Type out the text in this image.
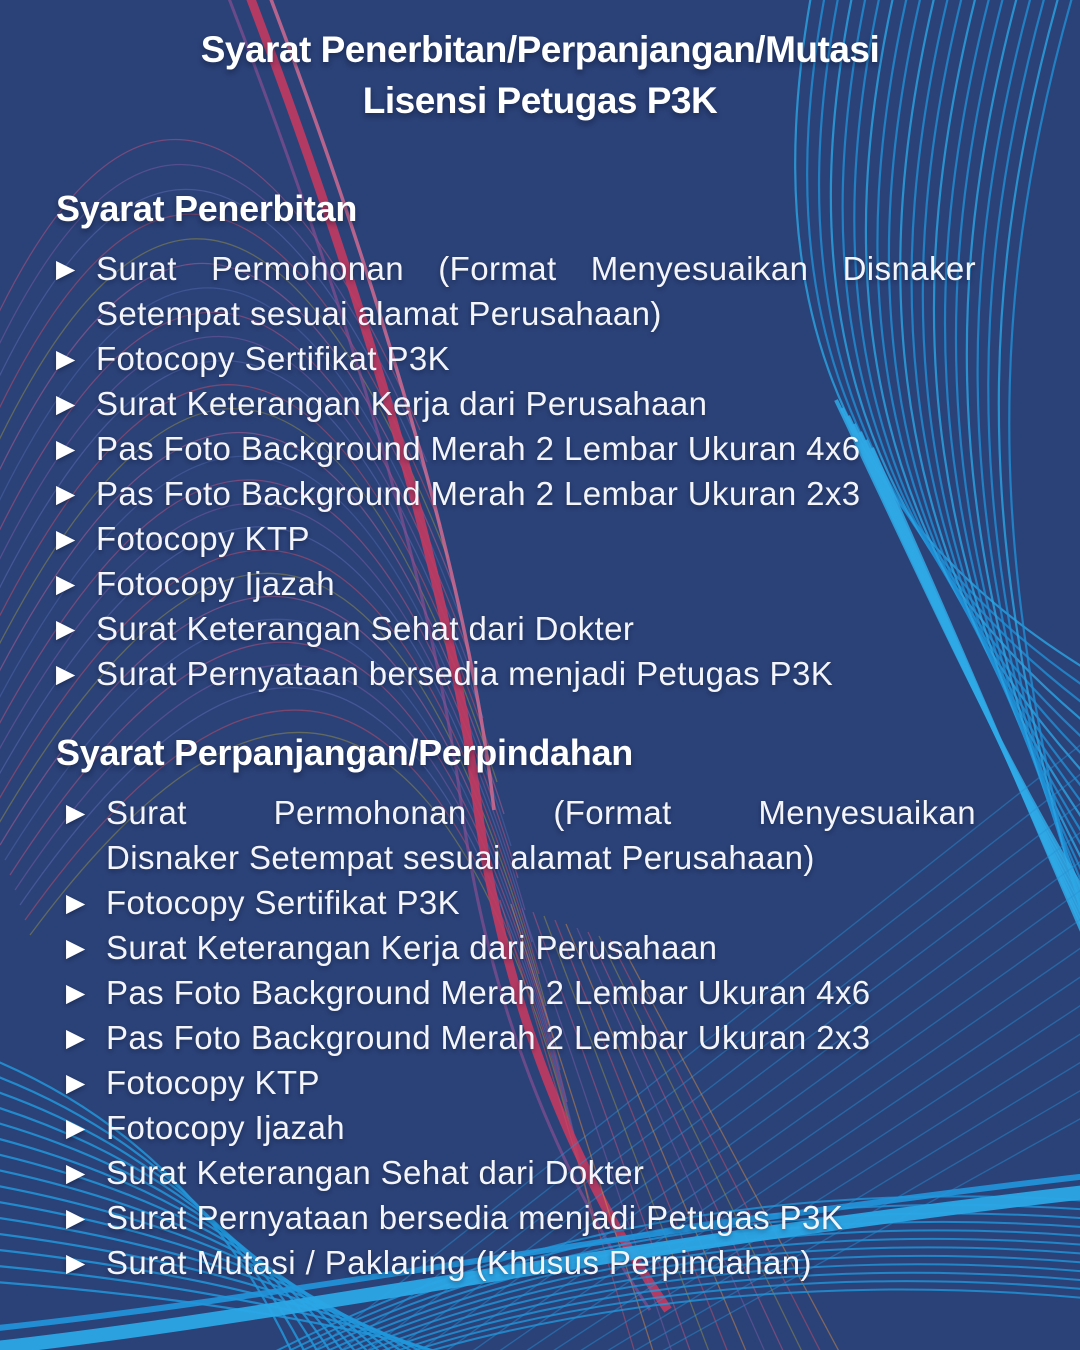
Syarat Penerbitan/Perpanjangan/Mutasi
Lisensi Petugas P3K
Syarat Penerbitan
▶ Surat Permohonan (Format Menyesuaikan Disnaker
Setempat sesuai alamat Perusahaan)
▶ Fotocopy Sertifikat P3K
▶ Surat Keterangan Kerja dari Perusahaan
▶ Pas Foto Background Merah 2 Lembar Ukuran 4x6
▶ Pas Foto Background Merah 2 Lembar Ukuran 2x3
▶ Fotocopy KTP
▶ Fotocopy Ijazah
▶ Surat Keterangan Sehat dari Dokter
▶ Surat Pernyataan bersedia menjadi Petugas P3K
Syarat Perpanjangan/Perpindahan
▶ Surat Permohonan (Format Menyesuaikan
Disnaker Setempat sesuai alamat Perusahaan)
▶ Fotocopy Sertifikat P3K
▶ Surat Keterangan Kerja dari Perusahaan
▶ Pas Foto Background Merah 2 Lembar Ukuran 4x6
▶ Pas Foto Background Merah 2 Lembar Ukuran 2x3
▶ Fotocopy KTP
▶ Fotocopy Ijazah
▶ Surat Keterangan Sehat dari Dokter
▶ Surat Pernyataan bersedia menjadi Petugas P3K
▶ Surat Mutasi / Paklaring (Khusus Perpindahan)
